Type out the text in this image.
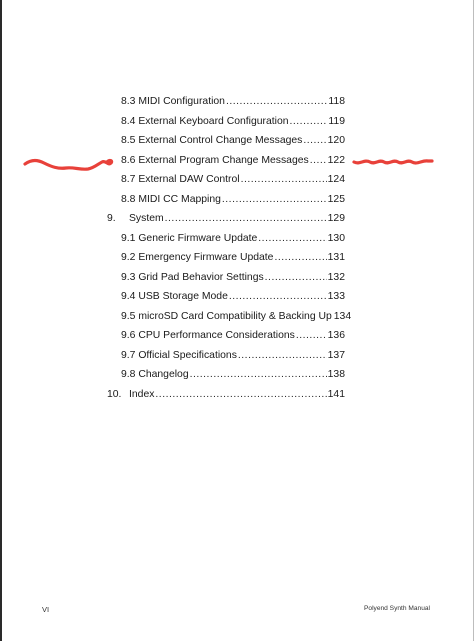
8.3 MIDI Configuration .....	118
8.4 External Keyboard Configuration .....	119
8.5 External Control Change Messages ..... 120
8.6 External Program Change Messages ..... 122
8.7 External DAW Control .....	124
8.8 MIDI CC Mapping .....	125
9. System .....	129
9.1 Generic Firmware Update .....	130
9.2 Emergency Firmware Update .....	131
9.3 Grid Pad Behavior Settings .....	132
9.4 USB Storage Mode .....	133
9.5 microSD Card Compatibility & Backing Up 134
9.6 CPU Performance Considerations .....	136
9.7 Official Specifications .....	137
9.8 Changelog .....	138
10. Index .....	141
VI	Polyend Synth Manual
